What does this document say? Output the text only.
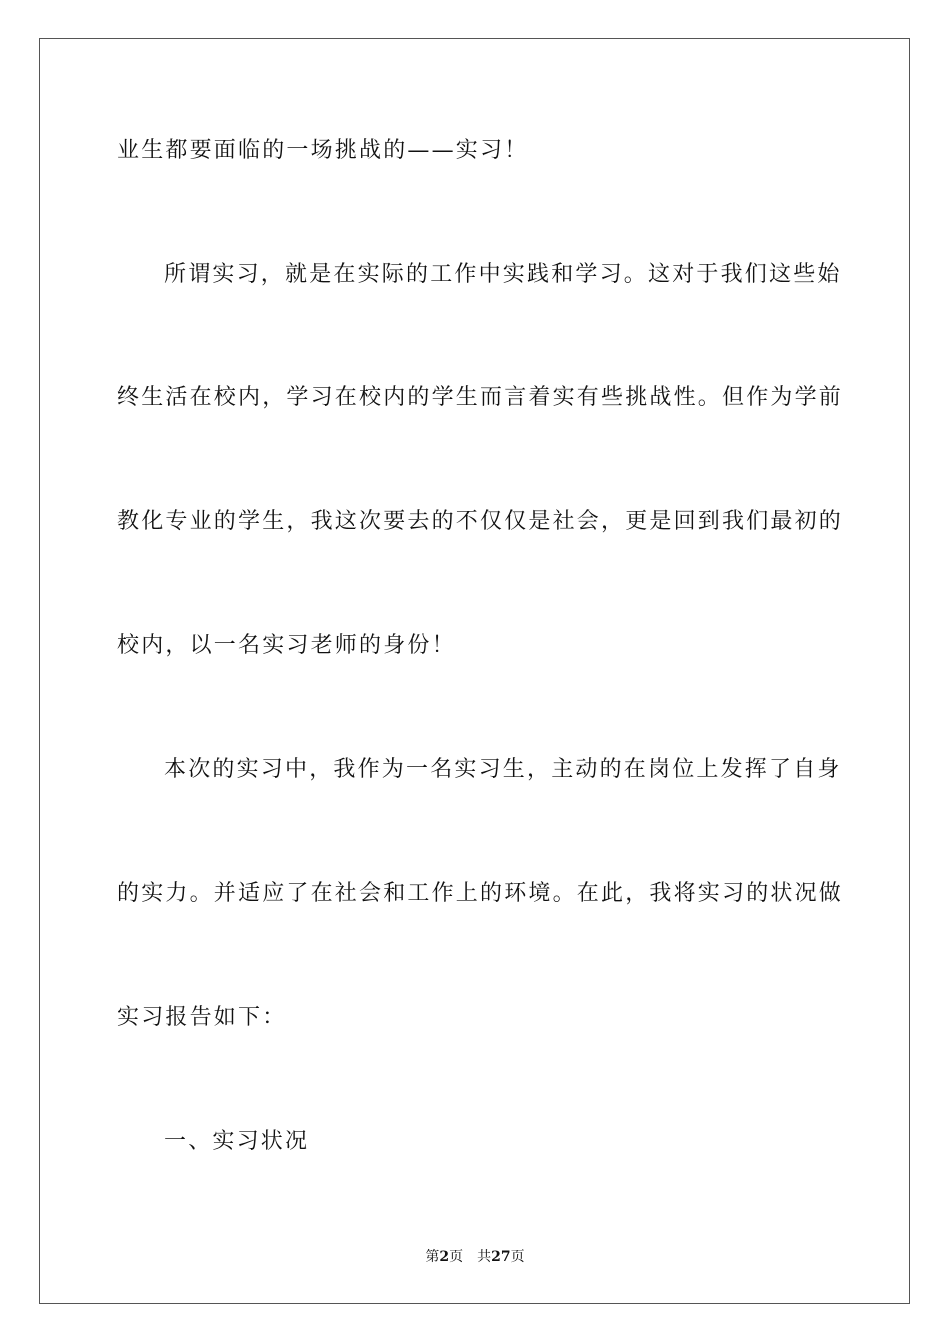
业生都要面临的一场挑战的——实习！
所谓实习，就是在实际的工作中实践和学习。这对于我们这些始
终生活在校内，学习在校内的学生而言着实有些挑战性。但作为学前
教化专业的学生，我这次要去的不仅仅是社会，更是回到我们最初的
校内，以一名实习老师的身份！
本次的实习中，我作为一名实习生，主动的在岗位上发挥了自身
的实力。并适应了在社会和工作上的环境。在此，我将实习的状况做
实习报告如下：
一、实习状况
第2页 共27页
